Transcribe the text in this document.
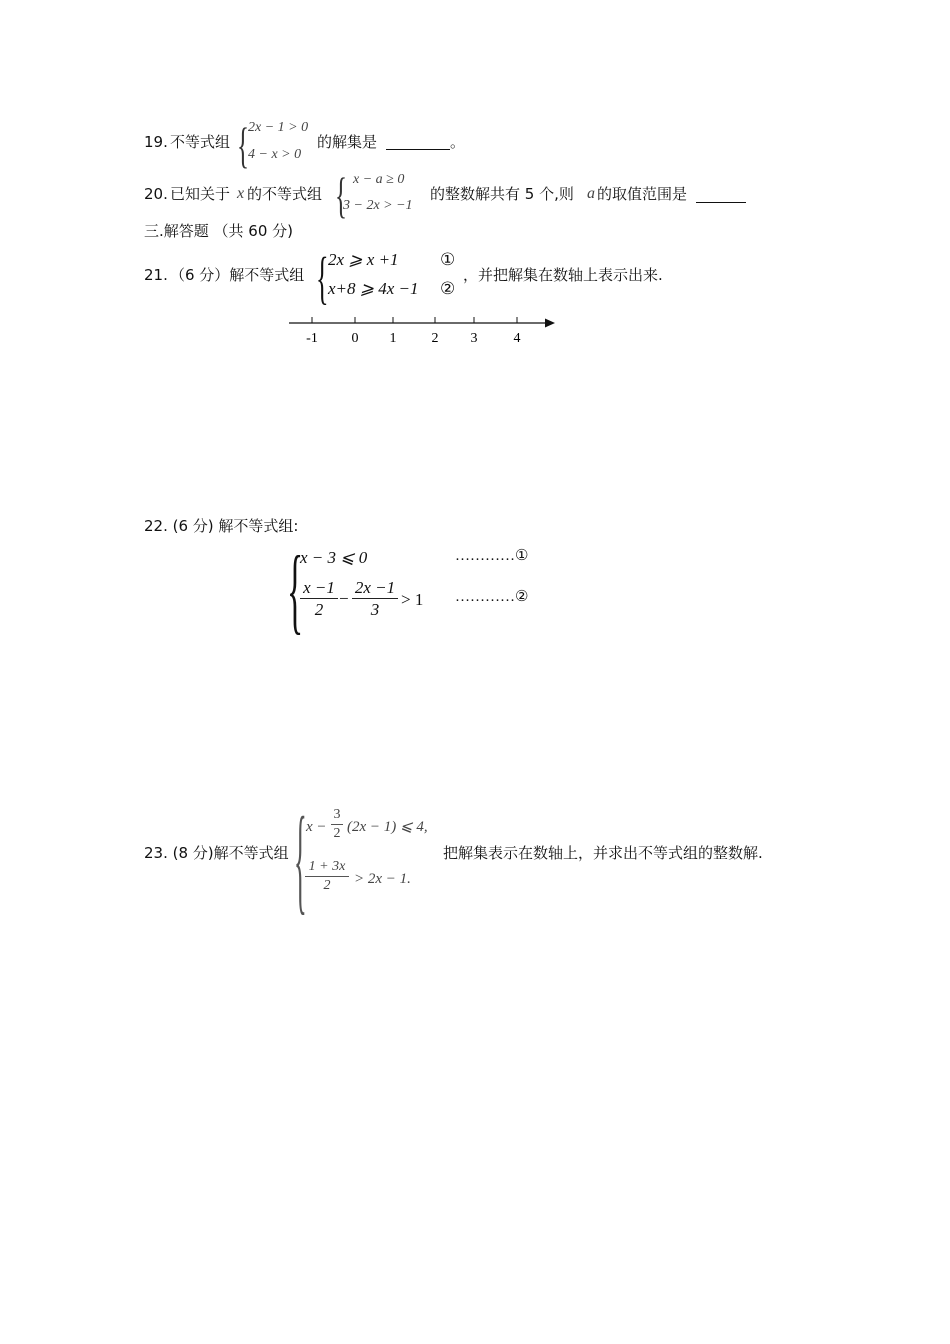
19. 不等式组 { 2x − 1 > 0
4 − x > 0
的解集是	。
20. 已知关于 x 的不等式组 { x − a ≥ 0
3 − 2x > −1
的整数解共有 5 个,则 a 的取值范围是
三.解答题 （共 60 分)
21. （6 分）解不等式组 { 2x ⩾ x +1 ①
x+8 ⩾ 4x −1 ②
，并把解集在数轴上表示出来.
-1 0 1	2 3	4
22. (6 分) 解不等式组:
{
x − 3 ⩽ 0	…………①
x −1
2
−
2x −1
3
> 1 …………②
23. (8 分)解不等式组 { x −
3
2 (2x − 1) ⩽ 4,
1 + 3x
2	> 2x − 1.
把解集表示在数轴上，并求出不等式组的整数解.
